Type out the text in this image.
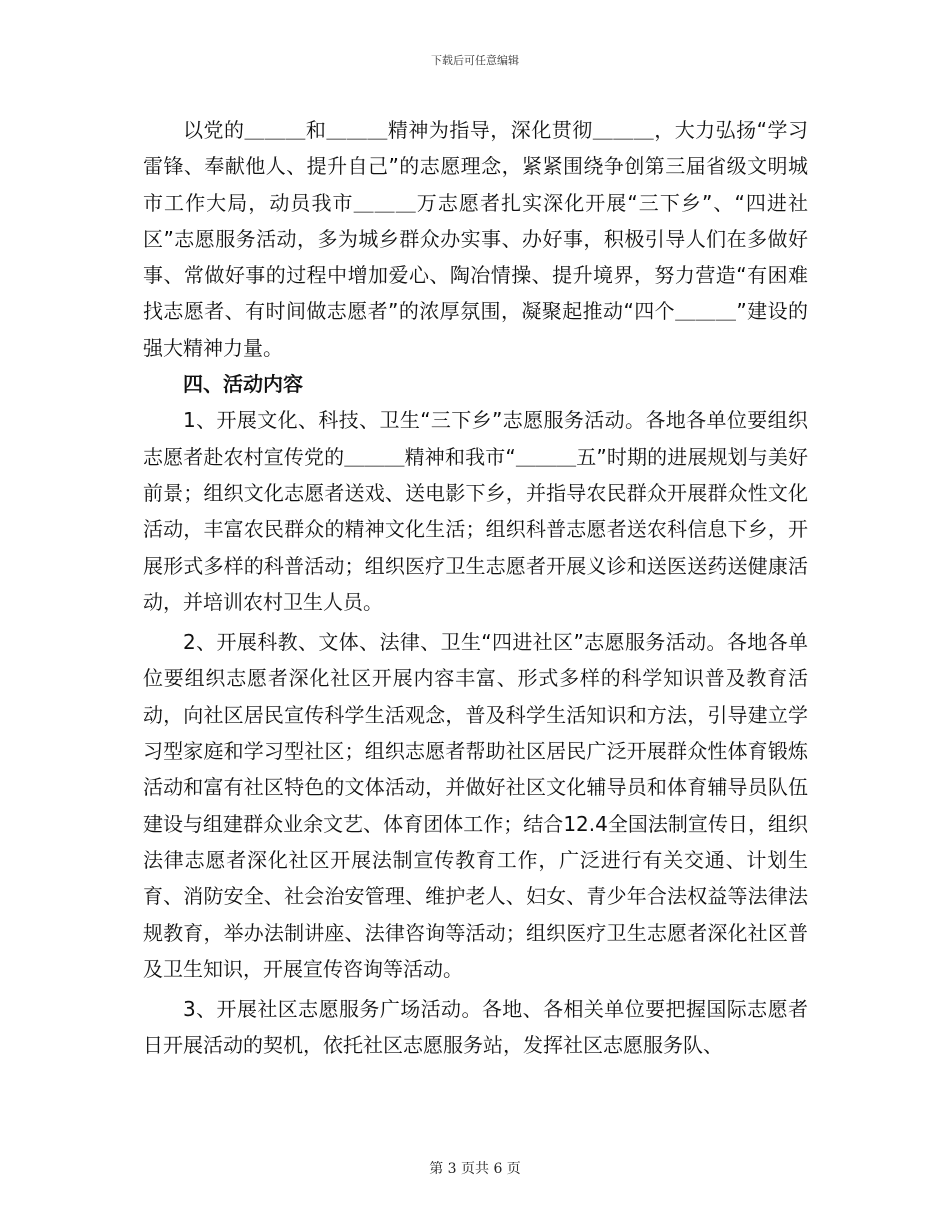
下载后可任意编辑

以党的＿＿＿和＿＿＿精神为指导，深化贯彻＿＿＿，大力弘扬“学习雷锋、奉献他人、提升自己”的志愿理念，紧紧围绕争创第三届省级文明城市工作大局，动员我市＿＿＿万志愿者扎实深化开展“三下乡”、“四进社区”志愿服务活动，多为城乡群众办实事、办好事，积极引导人们在多做好事、常做好事的过程中增加爱心、陶冶情操、提升境界，努力营造“有困难找志愿者、有时间做志愿者”的浓厚氛围，凝聚起推动“四个＿＿＿”建设的强大精神力量。

四、活动内容

1、开展文化、科技、卫生“三下乡”志愿服务活动。各地各单位要组织志愿者赴农村宣传党的＿＿＿精神和我市“＿＿＿五”时期的进展规划与美好前景；组织文化志愿者送戏、送电影下乡，并指导农民群众开展群众性文化活动，丰富农民群众的精神文化生活；组织科普志愿者送农科信息下乡，开展形式多样的科普活动；组织医疗卫生志愿者开展义诊和送医送药送健康活动，并培训农村卫生人员。

2、开展科教、文体、法律、卫生“四进社区”志愿服务活动。各地各单位要组织志愿者深化社区开展内容丰富、形式多样的科学知识普及教育活动，向社区居民宣传科学生活观念，普及科学生活知识和方法，引导建立学习型家庭和学习型社区；组织志愿者帮助社区居民广泛开展群众性体育锻炼活动和富有社区特色的文体活动，并做好社区文化辅导员和体育辅导员队伍建设与组建群众业余文艺、体育团体工作；结合12.4全国法制宣传日，组织法律志愿者深化社区开展法制宣传教育工作，广泛进行有关交通、计划生育、消防安全、社会治安管理、维护老人、妇女、青少年合法权益等法律法规教育，举办法制讲座、法律咨询等活动；组织医疗卫生志愿者深化社区普及卫生知识，开展宣传咨询等活动。

3、开展社区志愿服务广场活动。各地、各相关单位要把握国际志愿者日开展活动的契机，依托社区志愿服务站，发挥社区志愿服务队、

第 3 页共 6 页
